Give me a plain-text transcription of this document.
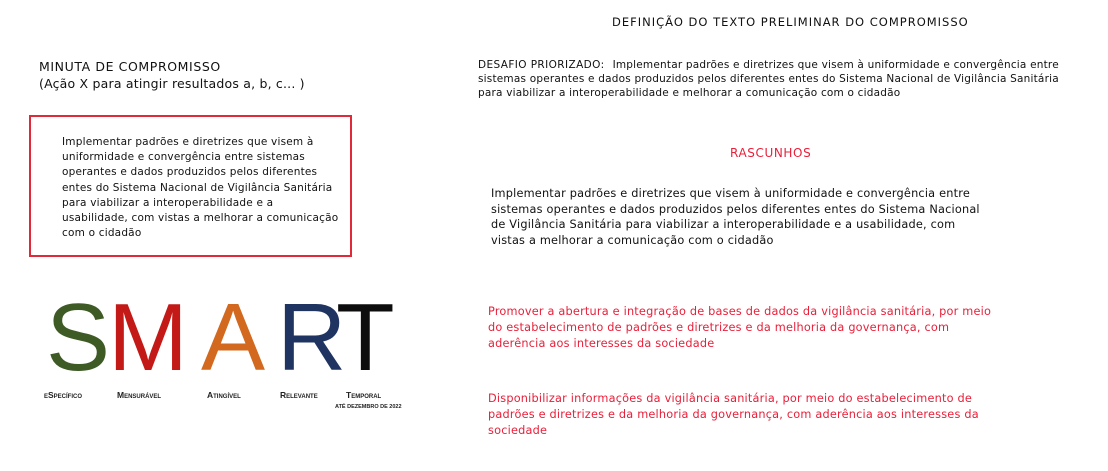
DEFINIÇÃO DO TEXTO PRELIMINAR DO COMPROMISSO
MINUTA DE COMPROMISSO
(Ação X para atingir resultados a, b, c... )
DESAFIO PRIORIZADO: Implementar padrões e diretrizes que visem à uniformidade e convergência entre sistemas operantes e dados produzidos pelos diferentes entes do Sistema Nacional de Vigilância Sanitária para viabilizar a interoperabilidade e melhorar a comunicação com o cidadão
Implementar padrões e diretrizes que visem à uniformidade e convergência entre sistemas operantes e dados produzidos pelos diferentes entes do Sistema Nacional de Vigilância Sanitária para viabilizar a interoperabilidade e a usabilidade, com vistas a melhorar a comunicação com o cidadão
RASCUNHOS
Implementar padrões e diretrizes que visem à uniformidade e convergência entre sistemas operantes e dados produzidos pelos diferentes entes do Sistema Nacional de Vigilância Sanitária para viabilizar a interoperabilidade e a usabilidade, com vistas a melhorar a comunicação com o cidadão
Promover a abertura e integração de bases de dados da vigilância sanitária, por meio do estabelecimento de padrões e diretrizes e da melhoria da governança, com aderência aos interesses da sociedade
Disponibilizar informações da vigilância sanitária, por meio do estabelecimento de padrões e diretrizes e da melhoria da governança, com aderência aos interesses da sociedade
S
M A R
T
eSpecífico	Mensurável	Atingível	Relevante	Temporal
ATÉ DEZEMBRO DE 2022
